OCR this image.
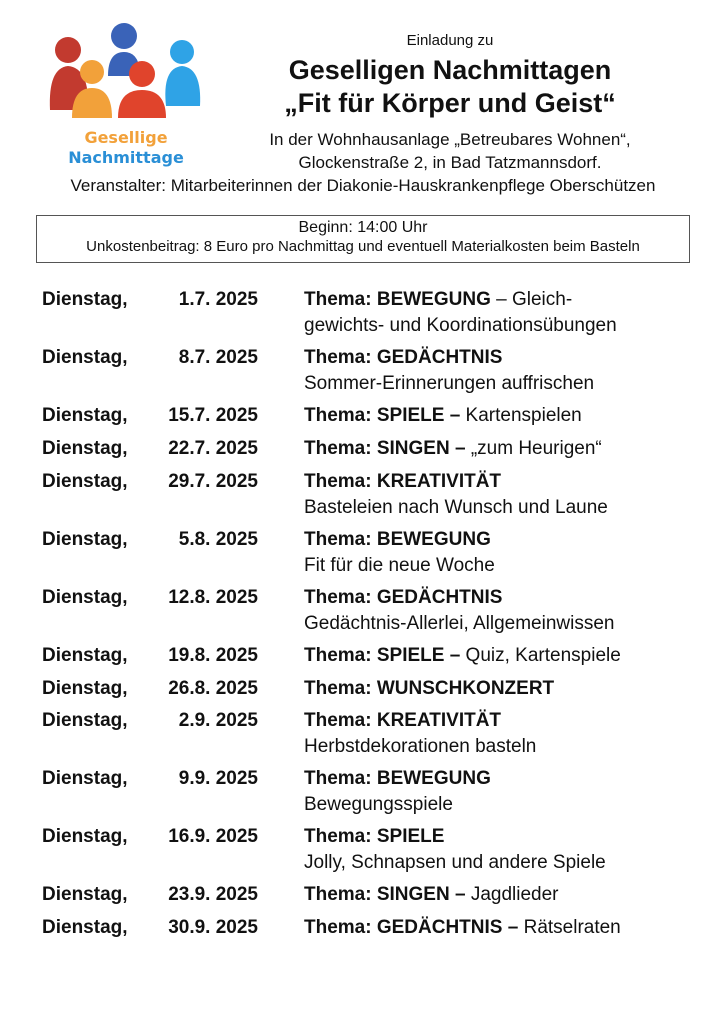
Gesellige
Nachmittage
Einladung zu
Geselligen Nachmittagen
„Fit für Körper und Geist“
In der Wohnhausanlage „Betreubares Wohnen“,
Glockenstraße 2, in Bad Tatzmannsdorf.
Veranstalter: Mitarbeiterinnen der Diakonie-Hauskrankenpflege Oberschützen
Beginn: 14:00 Uhr
Unkostenbeitrag: 8 Euro pro Nachmittag und eventuell Materialkosten beim Basteln
Dienstag,	1.7. 2025 Thema: BEWEGUNG – Gleich-
gewichts- und Koordinationsübungen
Dienstag,	8.7. 2025 Thema: GEDÄCHTNIS
Sommer-Erinnerungen auffrischen
Dienstag,	15.7. 2025 Thema: SPIELE – Kartenspielen
Dienstag,	22.7. 2025 Thema: SINGEN – „zum Heurigen“
Dienstag,	29.7. 2025 Thema: KREATIVITÄT
Basteleien nach Wunsch und Laune
Dienstag,	5.8. 2025 Thema: BEWEGUNG
Fit für die neue Woche
Dienstag,	12.8. 2025 Thema: GEDÄCHTNIS
Gedächtnis-Allerlei, Allgemeinwissen
Dienstag,	19.8. 2025 Thema: SPIELE – Quiz, Kartenspiele
Dienstag,	26.8. 2025 Thema: WUNSCHKONZERT
Dienstag,	2.9. 2025 Thema: KREATIVITÄT
Herbstdekorationen basteln
Dienstag,	9.9. 2025 Thema: BEWEGUNG
Bewegungsspiele
Dienstag,	16.9. 2025 Thema: SPIELE
Jolly, Schnapsen und andere Spiele
Dienstag,	23.9. 2025 Thema: SINGEN – Jagdlieder
Dienstag,	30.9. 2025 Thema: GEDÄCHTNIS – Rätselraten
